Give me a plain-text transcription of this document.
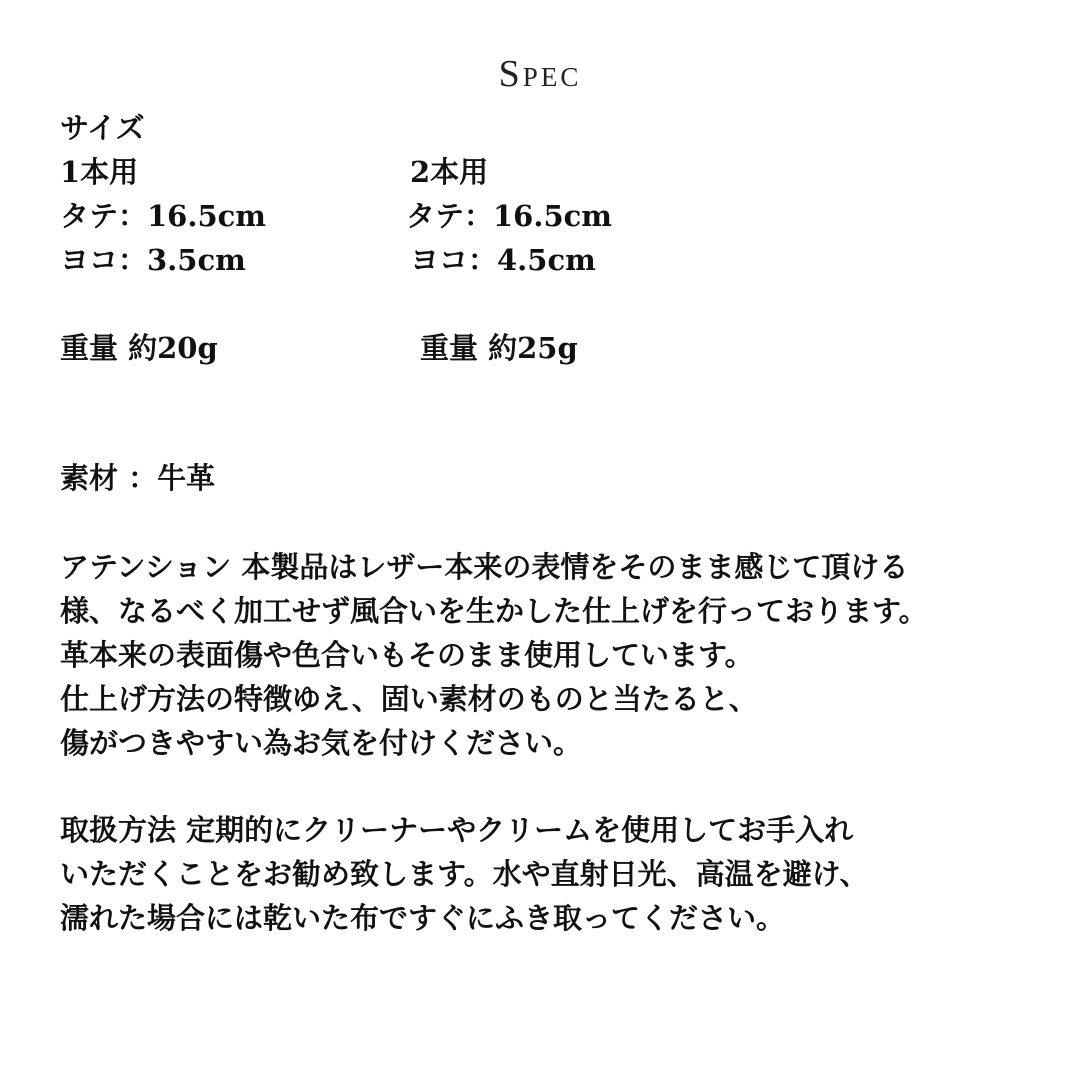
Spec
サイズ
1本用	2本用
タテ：16.5cm	タテ：16.5cm
ヨコ：3.5cm	ヨコ：4.5cm
重量 約20g	重量 約25g
素材 ：牛革
アテンション 本製品はレザー本来の表情をそのまま感じて頂ける
様、なるべく加工せず風合いを生かした仕上げを行っております。
革本来の表面傷や色合いもそのまま使用しています。
仕上げ方法の特徴ゆえ、固い素材のものと当たると、
傷がつきやすい為お気を付けください。
取扱方法 定期的にクリーナーやクリームを使用してお手入れ
いただくことをお勧め致します。水や直射日光、高温を避け、
濡れた場合には乾いた布ですぐにふき取ってください。
